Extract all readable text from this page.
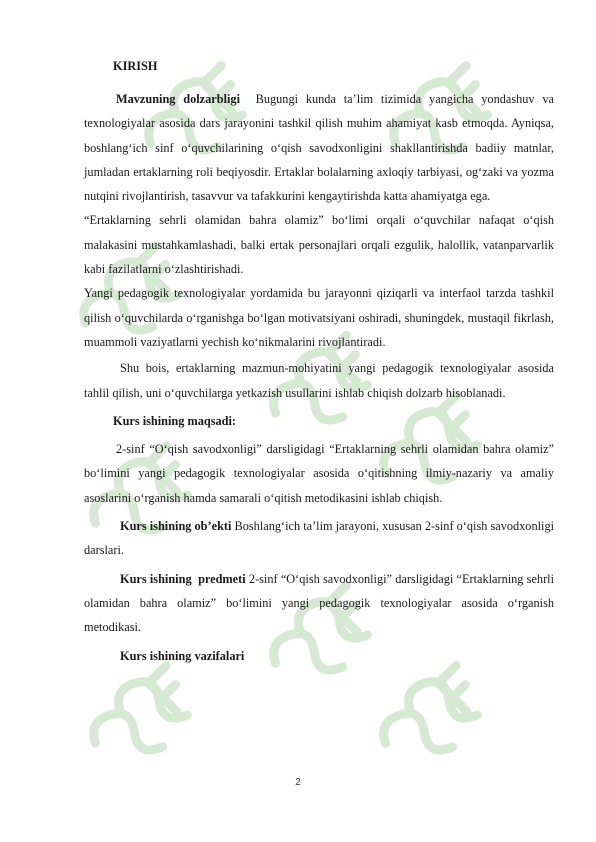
KIRISH
Mavzuning dolzarbligi Bugungi kunda ta’lim tizimida yangicha yondashuv va texnologiyalar asosida dars jarayonini tashkil qilish muhim ahamiyat kasb etmoqda. Ayniqsa, boshlang‘ich sinf o‘quvchilarining o‘qish savodxonligini shakllantirishda badiiy matnlar, jumladan ertaklarning roli beqiyosdir. Ertaklar bolalarning axloqiy tarbiyasi, og‘zaki va yozma nutqini rivojlantirish, tasavvur va tafakkurini kengaytirishda katta ahamiyatga ega.
“Ertaklarning sehrli olamidan bahra olamiz” bo‘limi orqali o‘quvchilar nafaqat o‘qish malakasini mustahkamlashadi, balki ertak personajlari orqali ezgulik, halollik, vatanparvarlik kabi fazilatlarni o‘zlashtirishadi.
Yangi pedagogik texnologiyalar yordamida bu jarayonni qiziqarli va interfaol tarzda tashkil qilish o‘quvchilarda o‘rganishga bo‘lgan motivatsiyani oshiradi, shuningdek, mustaqil fikrlash, muammoli vaziyatlarni yechish ko‘nikmalarini rivojlantiradi.
Shu bois, ertaklarning mazmun-mohiyatini yangi pedagogik texnologiyalar asosida tahlil qilish, uni o‘quvchilarga yetkazish usullarini ishlab chiqish dolzarb hisoblanadi.
Kurs ishining maqsadi:
2-sinf “O‘qish savodxonligi” darsligidagi “Ertaklarning sehrli olamidan bahra olamiz” bo‘limini yangi pedagogik texnologiyalar asosida o‘qitishning ilmiy-nazariy va amaliy asoslarini o‘rganish hamda samarali o‘qitish metodikasini ishlab chiqish.
Kurs ishining ob’ekti Boshlang‘ich ta’lim jarayoni, xususan 2-sinf o‘qish savodxonligi darslari.
Kurs ishining  predmeti 2-sinf “O‘qish savodxonligi” darsligidagi “Ertaklarning sehrli olamidan bahra olamiz” bo‘limini yangi pedagogik texnologiyalar asosida o‘rganish metodikasi.
Kurs ishining vazifalari
2
